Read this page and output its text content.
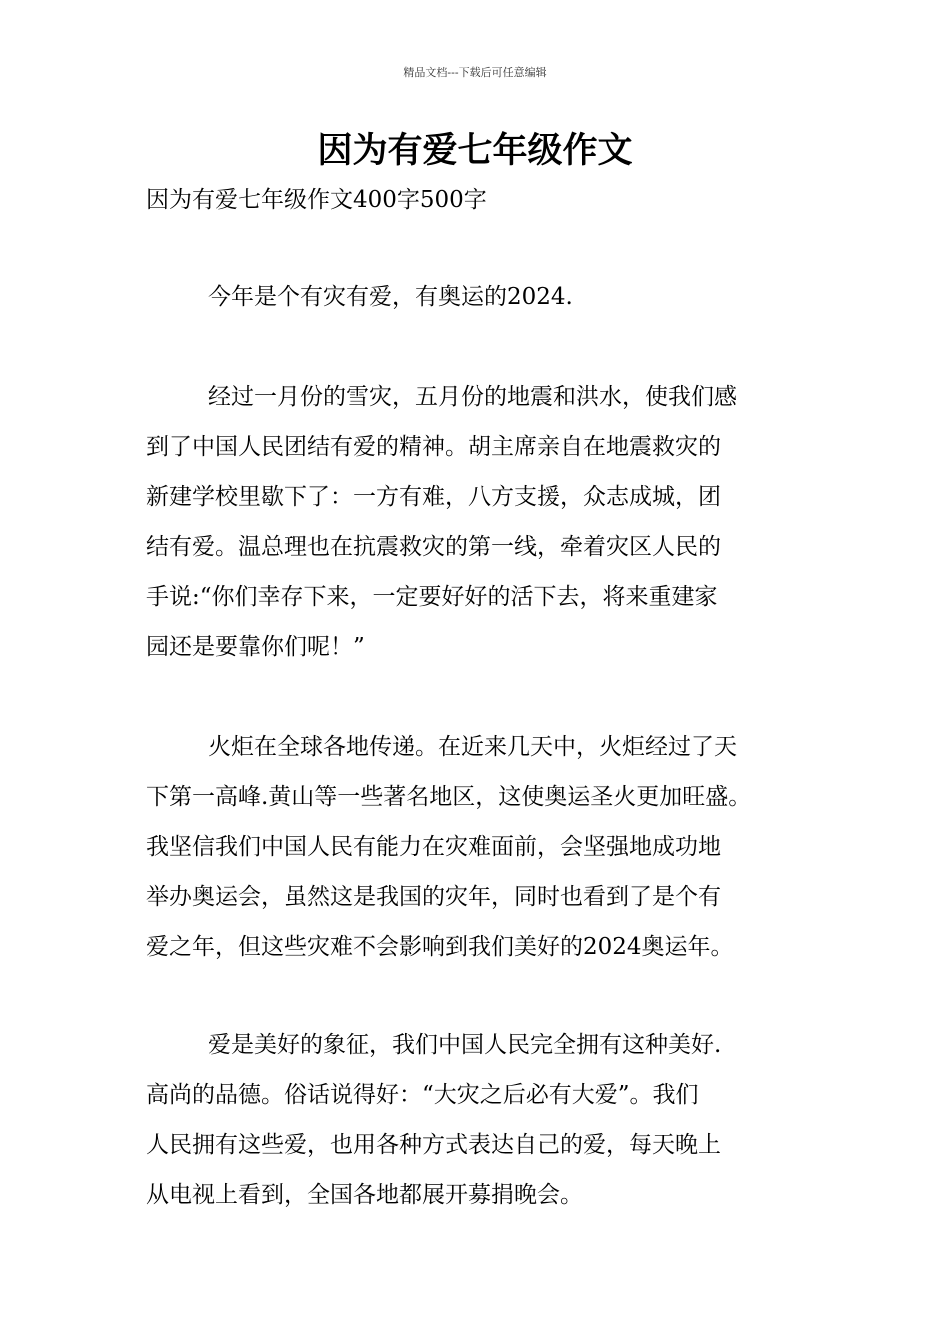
精品文档---下载后可任意编辑
因为有爱七年级作文

因为有爱七年级作文400字500字

今年是个有灾有爱，有奥运的2024.
经过一月份的雪灾，五月份的地震和洪水，使我们感
到了中国人民团结有爱的精神。胡主席亲自在地震救灾的
新建学校里歇下了：一方有难，八方支援，众志成城，团
结有爱。温总理也在抗震救灾的第一线，牵着灾区人民的
手说:“你们幸存下来，一定要好好的活下去，将来重建家
园还是要靠你们呢！”
火炬在全球各地传递。在近来几天中，火炬经过了天
下第一高峰.黄山等一些著名地区，这使奥运圣火更加旺盛。
我坚信我们中国人民有能力在灾难面前，会坚强地成功地
举办奥运会，虽然这是我国的灾年，同时也看到了是个有
爱之年，但这些灾难不会影响到我们美好的2024奥运年。
爱是美好的象征，我们中国人民完全拥有这种美好.
高尚的品德。俗话说得好：“大灾之后必有大爱”。我们
人民拥有这些爱，也用各种方式表达自己的爱，每天晚上
从电视上看到，全国各地都展开募捐晚会。
